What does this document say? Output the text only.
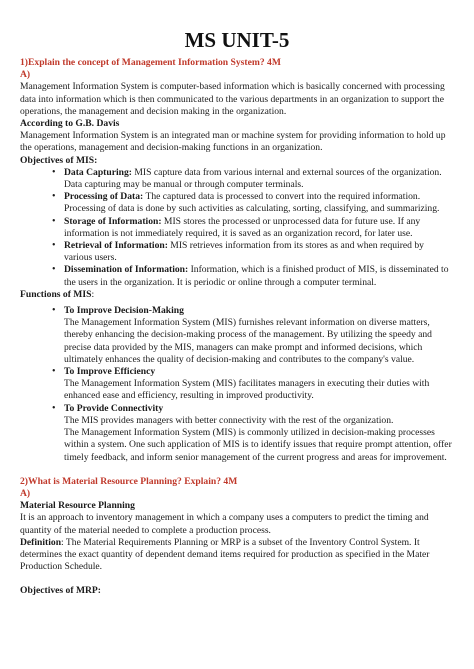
MS UNIT-5

1)Explain the concept of Management Information System? 4M

A)

Management Information System is computer-based information which is basically concerned with processing data into information which is then communicated to the various departments in an organization to support the operations, the management and decision making in the organization.

According to G.B. Davis

Management Information System is an integrated man or machine system for providing information to hold up the operations, management and decision-making functions in an organization.

Objectives of MIS:

• Data Capturing: MIS capture data from various internal and external sources of the organization. Data capturing may be manual or through computer terminals.
• Processing of Data: The captured data is processed to convert into the required information. Processing of data is done by such activities as calculating, sorting, classifying, and summarizing.
• Storage of Information: MIS stores the processed or unprocessed data for future use. If any information is not immediately required, it is saved as an organization record, for later use.
• Retrieval of Information: MIS retrieves information from its stores as and when required by various users.
• Dissemination of Information: Information, which is a finished product of MIS, is disseminated to the users in the organization. It is periodic or online through a computer terminal.

Functions of MIS:

• To Improve Decision-Making

The Management Information System (MIS) furnishes relevant information on diverse matters, thereby enhancing the decision-making process of the management. By utilizing the speedy and precise data provided by the MIS, managers can make prompt and informed decisions, which ultimately enhances the quality of decision-making and contributes to the company's value.

• To Improve Efficiency

The Management Information System (MIS) facilitates managers in executing their duties with enhanced ease and efficiency, resulting in improved productivity.

• To Provide Connectivity

The MIS provides managers with better connectivity with the rest of the organization.

The Management Information System (MIS) is commonly utilized in decision-making processes within a system. One such application of MIS is to identify issues that require prompt attention, offer timely feedback, and inform senior management of the current progress and areas for improvement.

2)What is Material Resource Planning? Explain? 4M

A)

Material Resource Planning

It is an approach to inventory management in which a company uses a computers to predict the timing and quantity of the material needed to complete a production process.

Definition: The Material Requirements Planning or MRP is a subset of the Inventory Control System. It determines the exact quantity of dependent demand items required for production as specified in the Mater Production Schedule.

Objectives of MRP:
